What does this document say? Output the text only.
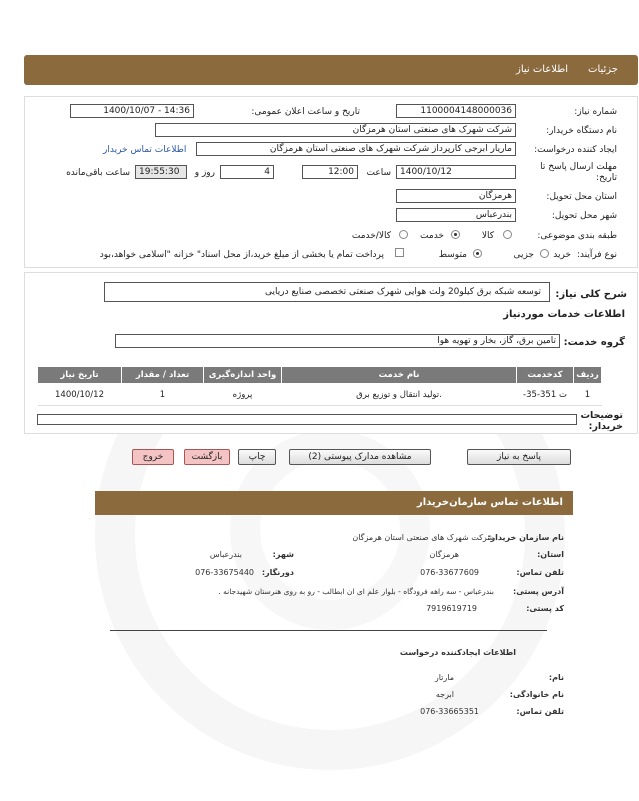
جزئیات
اطلاعات نیاز
شماره نیاز:
1100004148000036
تاریخ و ساعت اعلان عمومی:
1400/10/07 - 14:36
نام دستگاه خریدار:
شرکت شهرک های صنعتی استان هرمزگان
ایجاد کننده درخواست:
ماریار ابرجی کارپرداز شرکت شهرک های صنعتی استان هرمزگان
اطلاعات تماس خریدار
مهلت ارسال پاسخ تا تاریخ:
1400/10/12
ساعت
12:00
4
روز و
19:55:30
ساعت باقی‌مانده
استان محل تحویل:
هرمزگان
شهر محل تحویل:
بندرعباس
طبقه بندی موضوعی:
کالا
خدمت
کالا/خدمت
نوع فرآیند:
خرید
جزیی
متوسط
پرداخت تمام یا بخشی از مبلغ خرید،از محل اسناد" خزانه "اسلامی خواهد،بود
شرح کلی نیاز:
توسعه شبکه برق کیلو20 ولت هوایی شهرک صنعتی تخصصی صنایع دریایی
اطلاعات خدمات موردنیاز
گروه خدمت:
تامین برق، گاز، بخار و تهویه هوا
ردیف	کدخدمت	نام خدمت	واحد اندازه‌گیری	تعداد / مقدار	تاریخ نیاز
1	ت 351-35-	.تولید انتقال و توزیع برق	پروژه	1	1400/10/12
توضیحات خریدار:
پاسخ به نیاز
مشاهده مدارک پیوستی (2)
چاپ
بازگشت
خروج
اطلاعات تماس سازمان‌خریدار
نام سازمان خریدار:
شرکت شهرک های صنعتی استان هرمزگان
استان:
هرمزگان
شهر:
بندرعباس
تلفن تماس:
076-33677609
دورنگار:
076-33675440
آدرس پستی:
بندرعباس - سه راهه فرودگاه - بلوار علم ای ان ابطالب - رو به روی هنرستان شهیدجانه .
کد پستی:
7919619719
اطلاعات ایجادکننده درخواست
نام:
مارتار
نام خانوادگی:
ابرجه
تلفن تماس:
076-33665351
